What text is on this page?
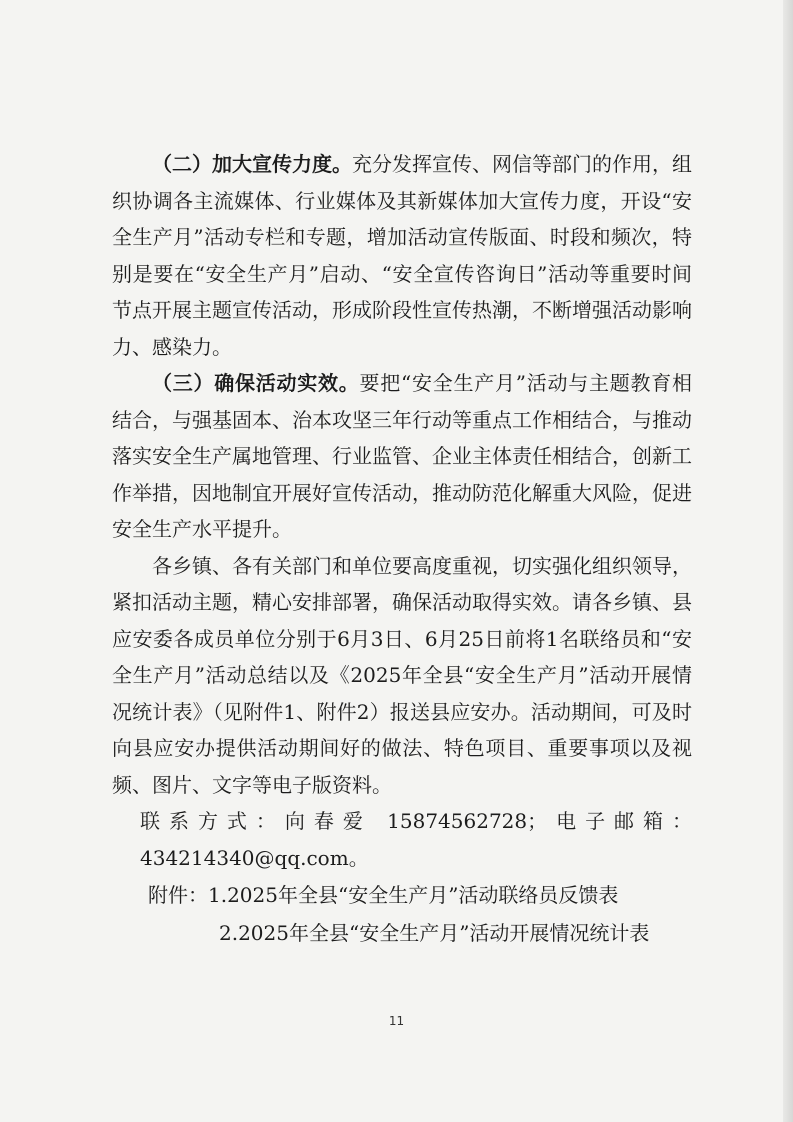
（二）加大宣传力度。充分发挥宣传、网信等部门的作用，组织协调各主流媒体、行业媒体及其新媒体加大宣传力度，开设“安全生产月”活动专栏和专题，增加活动宣传版面、时段和频次，特别是要在“安全生产月”启动、“安全宣传咨询日”活动等重要时间节点开展主题宣传活动，形成阶段性宣传热潮，不断增强活动影响力、感染力。

（三）确保活动实效。要把“安全生产月”活动与主题教育相结合，与强基固本、治本攻坚三年行动等重点工作相结合，与推动落实安全生产属地管理、行业监管、企业主体责任相结合，创新工作举措，因地制宜开展好宣传活动，推动防范化解重大风险，促进安全生产水平提升。

各乡镇、各有关部门和单位要高度重视，切实强化组织领导，紧扣活动主题，精心安排部署，确保活动取得实效。请各乡镇、县应安委各成员单位分别于6月3日、6月25日前将1名联络员和“安全生产月”活动总结以及《2025年全县“安全生产月”活动开展情况统计表》（见附件1、附件2）报送县应安办。活动期间，可及时向县应安办提供活动期间好的做法、特色项目、重要事项以及视频、图片、文字等电子版资料。

联系方式：向春爱 15874562728；电子邮箱：434214340@qq.com。

附件：1.2025年全县“安全生产月”活动联络员反馈表
2.2025年全县“安全生产月”活动开展情况统计表

11
